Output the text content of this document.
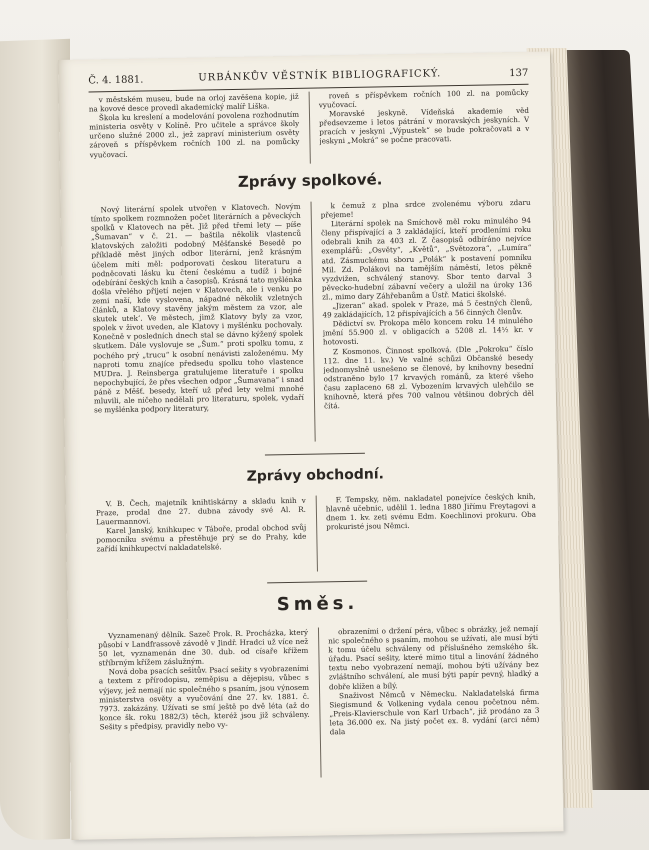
Č. 4. 1881.	URBÁNKŮV VĚSTNÍK BIBLIOGRAFICKÝ.	137

v městském museu, bude na orloj zavěšena kopie, již na kovové desce provedl akademický malíř Liška.

Škola ku kreslení a modelování povolena rozhodnutím ministeria osvěty v Kolíně. Pro učitele a správce školy určeno služné 2000 zl., jež zapraví ministerium osvěty zároveň s příspěvkem ročních 100 zl. na pomůcky vyučovací.

roveň s příspěvkem ročních 100 zl. na pomůcky vyučovací.

Moravské jeskyně. Vídeňská akademie věd předsevzeme i letos pátrání v moravských jeskyních. V pracích v jeskyni „Výpustek“ se bude pokračovati a v jeskyni „Mokrá“ se počne pracovati.

Zprávy spolkové.

Nový literární spolek utvořen v Klatovech. Novým tímto spolkem rozmnožen počet literárních a pěveckých spolků v Klatovech na pět. Již před třemi lety — píše „Šumavan“ v č. 21. — baštila několik vlastenců klatovských založiti podobný Měšťanské Besedě po příkladě měst jiných odbor literární, jenž krásným účelem míti měl: podporovati českou literaturu a podněcovati lásku ku čtení českému a tudíž i bojné odebírání českých knih a časopisů. Krásná tato myšlénka došla vřelého přijetí nejen v Klatovech, ale i venku po zemi naší, kde vyslovena, nápadné několik vzletných článků, a Klatovy stavěny jakým městem za vzor, ale skutek utek‘. Ve městech, jimž Klatovy byly za vzor, spolek v život uveden, ale Klatovy i myšlénku pochovaly. Konečně v posledních dnech stal se dávno kýžený spolek skutkem. Dále vyslovuje se „Šum.“ proti spolku tomu, z pochého prý „trucu“ k osobní nenávisti založenému. My naproti tomu znajíce předsedu spolku toho vlastence MUDra. J. Reinsberga gratulujeme literatuře i spolku nepochybující, že přes všechen odpor „Šumavana“ i snad páně z Měšť. besedy, kteří už před lety velmi mnohé mluvili, ale ničeho nedělali pro literaturu, spolek, vydaří se myšlénka podpory literatury,

k čemuž z plna srdce zvolenému výboru zdaru přejeme!

Literární spolek na Smíchově měl roku minulého 94 členy přispívající a 3 zakládající, kteří prodleními roku odebrali knih za 403 zl. Z časopisů odbíráno nejvíce exemplářů: „Osvěty“, „Květů“, „Světozora“, „Lumíra“ atd. Zásmuckému sboru „Polák“ k postavení pomníku Mil. Zd. Polákovi na tamějším náměstí, letos pěkně vyzdvižen, schválený stanovy. Sbor tento darval 3 pěvecko-hudební zábavní večery a uložil na úroky 136 zl., mimo dary Záhřebanům a Ústř. Matici školské.

„Jizeran“ akad. spolek v Praze, má 5 čestných členů, 49 zakládajících, 12 přispívajících a 56 činných členův.

Dědictví sv. Prokopa mělo koncem roku 14 minulého jmění 55.900 zl. v obligacích a 5208 zl. 14½ kr. v hotovosti.

Z Kosmonos. Činnost spolková. (Dle „Pokroku“ číslo 112. dne 11. kv.) Ve valné schůzi Občanské besedy jednomyslně usnešeno se členové, by knihovny besední odstraněno bylo 17 krvavých románů, za které všeho času zaplaceno 68 zl. Vybozením krvavých ulehčilo se knihovně, která přes 700 valnou většinou dobrých děl čítá.

Zprávy obchodní.

V. B. Čech, majetník knihtiskárny a skladu knih v Praze, prodal dne 27. dubna závody své Al. R. Lauermannovi.

Karel Janský, knihkupec v Táboře, prodal obchod svůj pomocníku svému a přestěhuje prý se do Prahy, kde zařídí knihkupectví nakladatelské.

F. Tempsky, něm. nakladatel ponejvíce českých knih, hlavně učebnic, udělil 1. ledna 1880 Jiřímu Freytagovi a dnem 1. kv. zeti svému Edm. Koechlinovi prokuru. Oba prokuristé jsou Němci.

Směs.

Vyznamenaný dělník. Sazeč Prok. R. Procházka, který působí v Landfrassově závodě v Jindř. Hradci už více než 50 let, vyznamenán dne 30. dub. od císaře křížem stříbrným křížem záslužným.

Nová doba psacích sešitův. Psací sešity s vyobrazeními a textem z přírodopisu, zeměpisu a dějepisu, vůbec s výjevy, jež nemají nic společného s psaním, jsou výnosem ministerstva osvěty a vyučování dne 27. kv. 1881. č. 7973. zakázány. Užívati se smí ještě po dvě léta (až do konce šk. roku 1882/3) těch, kteréž jsou již schváleny. Sešity s předpisy, pravidly nebo vy-

obrazeními o držení péra, vůbec s obrázky, jež nemají nic společného s psaním, mohou se užívati, ale musí býti k tomu účelu schváleny od příslušného zemského šk. úřadu. Psací sešity, které mimo titul a linování žádného textu nebo vyobrazení nemají, mohou býti užívány bez zvláštního schválení, ale musí býti papír pevný, hladký a dobře klížen a bílý.

Snaživost Němců v Německu. Nakladatelská firma Siegismund & Volkening vydala cenou početnou něm. „Preis-Klavierschule von Karl Urbach“, již prodáno za 3 leta 36.000 ex. Na jistý počet ex. 8. vydání (arci něm) dala
